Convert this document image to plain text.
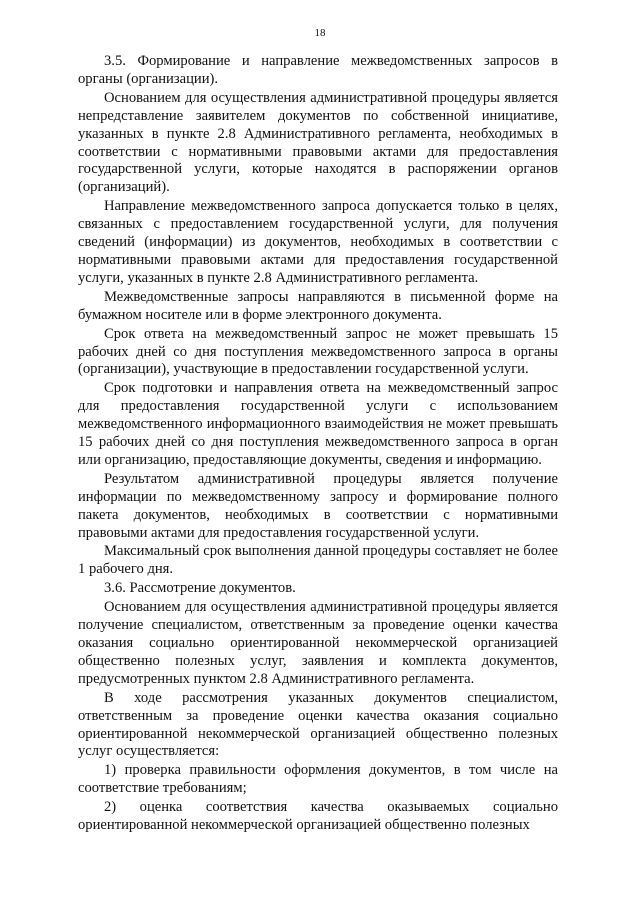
18

3.5. Формирование и направление межведомственных запросов в органы (организации).

Основанием для осуществления административной процедуры является непредставление заявителем документов по собственной инициативе, указанных в пункте 2.8 Административного регламента, необходимых в соответствии с нормативными правовыми актами для предоставления государственной услуги, которые находятся в распоряжении органов (организаций).

Направление межведомственного запроса допускается только в целях, связанных с предоставлением государственной услуги, для получения сведений (информации) из документов, необходимых в соответствии с нормативными правовыми актами для предоставления государственной услуги, указанных в пункте 2.8 Административного регламента.

Межведомственные запросы направляются в письменной форме на бумажном носителе или в форме электронного документа.

Срок ответа на межведомственный запрос не может превышать 15 рабочих дней со дня поступления межведомственного запроса в органы (организации), участвующие в предоставлении государственной услуги.

Срок подготовки и направления ответа на межведомственный запрос для предоставления государственной услуги с использованием межведомственного информационного взаимодействия не может превышать 15 рабочих дней со дня поступления межведомственного запроса в орган или организацию, предоставляющие документы, сведения и информацию.

Результатом административной процедуры является получение информации по межведомственному запросу и формирование полного пакета документов, необходимых в соответствии с нормативными правовыми актами для предоставления государственной услуги.

Максимальный срок выполнения данной процедуры составляет не более 1 рабочего дня.

3.6. Рассмотрение документов.

Основанием для осуществления административной процедуры является получение специалистом, ответственным за проведение оценки качества оказания социально ориентированной некоммерческой организацией общественно полезных услуг, заявления и комплекта документов, предусмотренных пунктом 2.8 Административного регламента.

В ходе рассмотрения указанных документов специалистом, ответственным за проведение оценки качества оказания социально ориентированной некоммерческой организацией общественно полезных услуг осуществляется:

1) проверка правильности оформления документов, в том числе на соответствие требованиям;

2) оценка соответствия качества оказываемых социально ориентированной некоммерческой организацией общественно полезных
